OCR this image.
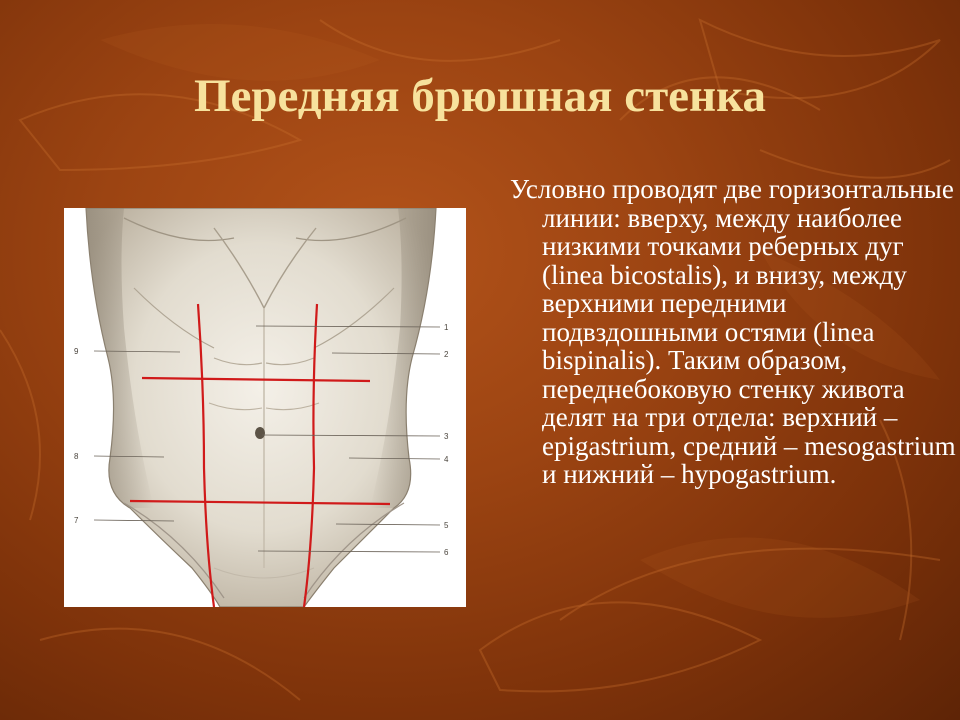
Передняя брюшная стенка
1
2
3
4
5
6
9
8
7

Условно проводят две горизонтальные линии: вверху, между наиболее низкими точками реберных дуг (linea bicostalis), и внизу, между верхними передними подвздошными остями (linea bispinalis). Таким образом, переднебоковую стенку живота делят на три отдела: верхний – epigastrium, средний – mesogastrium и нижний – hypogastrium.
